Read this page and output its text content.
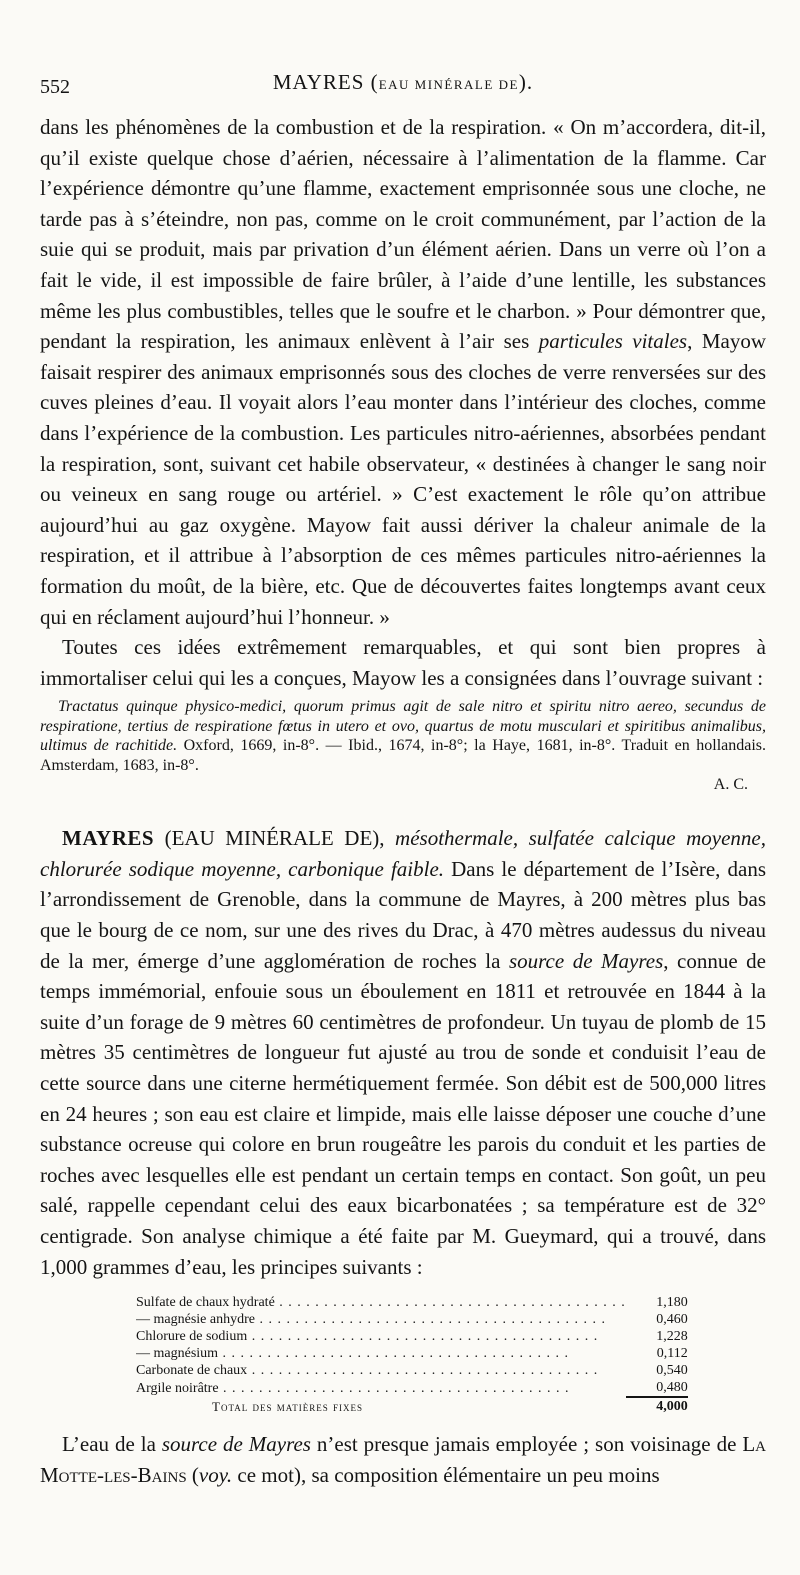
552	MAYRES (EAU MINÉRALE DE).

dans les phénomènes de la combustion et de la respiration. « On m’accordera, dit-il, qu’il existe quelque chose d’aérien, nécessaire à l’alimentation de la flamme. Car l’expérience démontre qu’une flamme, exactement emprisonnée sous une cloche, ne tarde pas à s’éteindre, non pas, comme on le croit communément, par l’action de la suie qui se produit, mais par privation d’un élément aérien. Dans un verre où l’on a fait le vide, il est impossible de faire brûler, à l’aide d’une lentille, les substances même les plus combustibles, telles que le soufre et le charbon. » Pour démontrer que, pendant la respiration, les animaux enlèvent à l’air ses particules vitales, Mayow faisait respirer des animaux emprisonnés sous des cloches de verre renversées sur des cuves pleines d’eau. Il voyait alors l’eau monter dans l’intérieur des cloches, comme dans l’expérience de la combustion. Les particules nitro-aériennes, absorbées pendant la respiration, sont, suivant cet habile observateur, « destinées à changer le sang noir ou veineux en sang rouge ou artériel. » C’est exactement le rôle qu’on attribue aujourd’hui au gaz oxygène. Mayow fait aussi dériver la chaleur animale de la respiration, et il attribue à l’absorption de ces mêmes particules nitro-aériennes la formation du moût, de la bière, etc. Que de découvertes faites longtemps avant ceux qui en réclament aujourd’hui l’honneur. »

Toutes ces idées extrêmement remarquables, et qui sont bien propres à immortaliser celui qui les a conçues, Mayow les a consignées dans l’ouvrage suivant :

Tractatus quinque physico-medici, quorum primus agit de sale nitro et spiritu nitro aereo, secundus de respiratione, tertius de respiratione fœtus in utero et ovo, quartus de motu musculari et spiritibus animalibus, ultimus de rachitide. Oxford, 1669, in-8°. — Ibid., 1674, in-8°; la Haye, 1681, in-8°. Traduit en hollandais. Amsterdam, 1683, in-8°.
A. C.

MAYRES (EAU MINÉRALE DE), mésothermale, sulfatée calcique moyenne, chlorurée sodique moyenne, carbonique faible. Dans le département de l’Isère, dans l’arrondissement de Grenoble, dans la commune de Mayres, à 200 mètres plus bas que le bourg de ce nom, sur une des rives du Drac, à 470 mètres audessus du niveau de la mer, émerge d’une agglomération de roches la source de Mayres, connue de temps immémorial, enfouie sous un éboulement en 1811 et retrouvée en 1844 à la suite d’un forage de 9 mètres 60 centimètres de profondeur. Un tuyau de plomb de 15 mètres 35 centimètres de longueur fut ajusté au trou de sonde et conduisit l’eau de cette source dans une citerne hermétiquement fermée. Son débit est de 500,000 litres en 24 heures ; son eau est claire et limpide, mais elle laisse déposer une couche d’une substance ocreuse qui colore en brun rougeâtre les parois du conduit et les parties de roches avec lesquelles elle est pendant un certain temps en contact. Son goût, un peu salé, rappelle cependant celui des eaux bicarbonatées ; sa température est de 32° centigrade. Son analyse chimique a été faite par M. Gueymard, qui a trouvé, dans 1,000 grammes d’eau, les principes suivants :

Sulfate de chaux hydraté . . .	1,180
— magnésie anhydre . . .	0,460
Chlorure de sodium . . .	1,228
— magnésium . . .	0,112
Carbonate de chaux . . .	0,540
Argile noirâtre . . .	0,480
Total des matières fixes	4,000

L’eau de la source de Mayres n’est presque jamais employée ; son voisinage de La Motte-les-Bains (voy. ce mot), sa composition élémentaire un peu moins
